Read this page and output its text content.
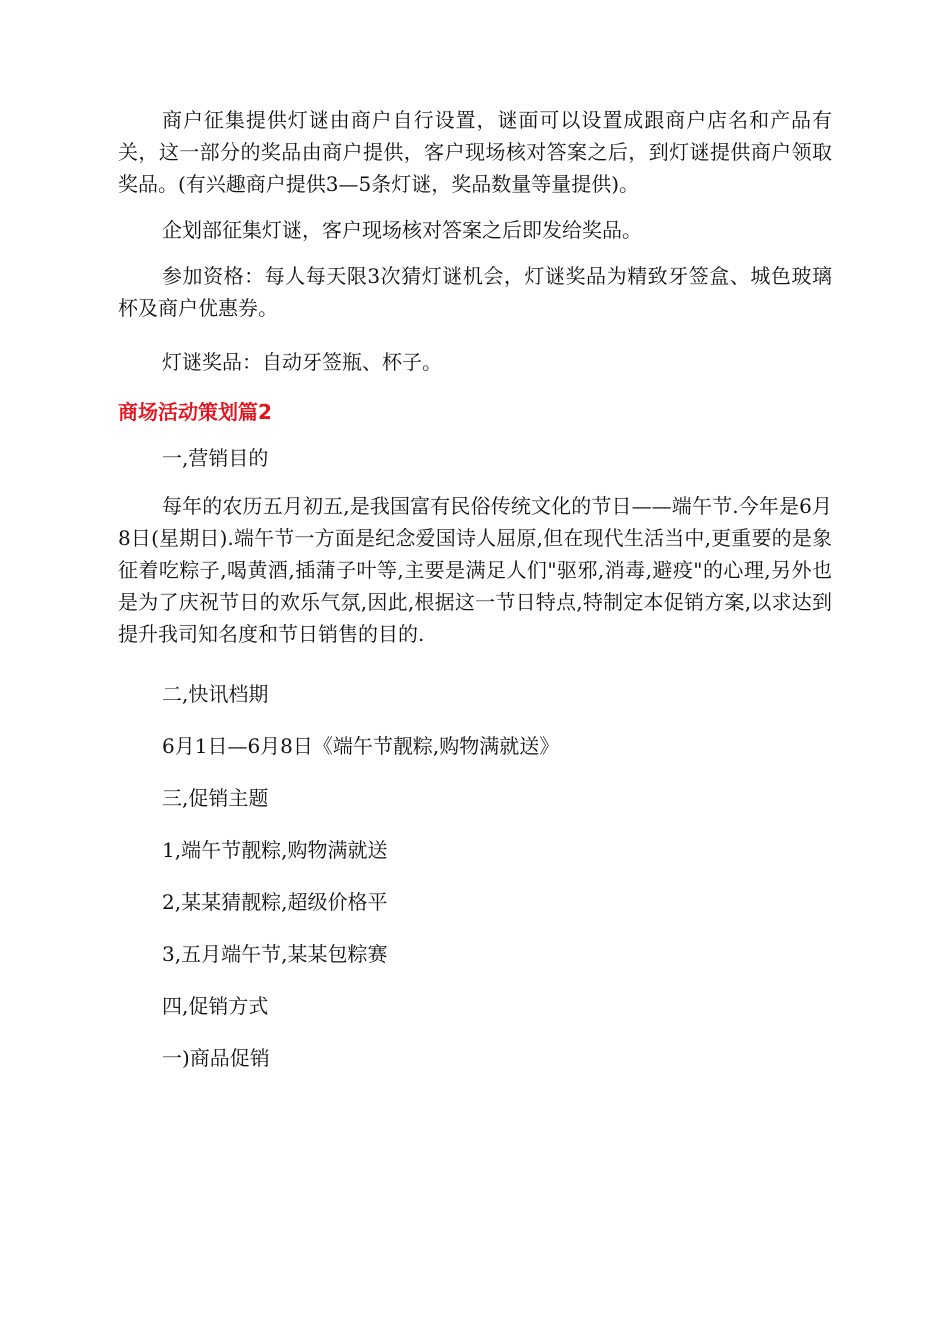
商户征集提供灯谜由商户自行设置，谜面可以设置成跟商户店名和产品有关，这一部分的奖品由商户提供，客户现场核对答案之后，到灯谜提供商户领取奖品。(有兴趣商户提供3—5条灯谜，奖品数量等量提供)。

企划部征集灯谜，客户现场核对答案之后即发给奖品。

参加资格：每人每天限3次猜灯谜机会，灯谜奖品为精致牙签盒、城色玻璃杯及商户优惠券。

灯谜奖品：自动牙签瓶、杯子。

商场活动策划篇2

一,营销目的

每年的农历五月初五,是我国富有民俗传统文化的节日——端午节.今年是6月8日(星期日).端午节一方面是纪念爱国诗人屈原,但在现代生活当中,更重要的是象征着吃粽子,喝黄酒,插蒲子叶等,主要是满足人们"驱邪,消毒,避疫"的心理,另外也是为了庆祝节日的欢乐气氛,因此,根据这一节日特点,特制定本促销方案,以求达到提升我司知名度和节日销售的目的.

二,快讯档期

6月1日—6月8日《端午节靓粽,购物满就送》

三,促销主题

1,端午节靓粽,购物满就送

2,某某猜靓粽,超级价格平

3,五月端午节,某某包粽赛

四,促销方式

一)商品促销
